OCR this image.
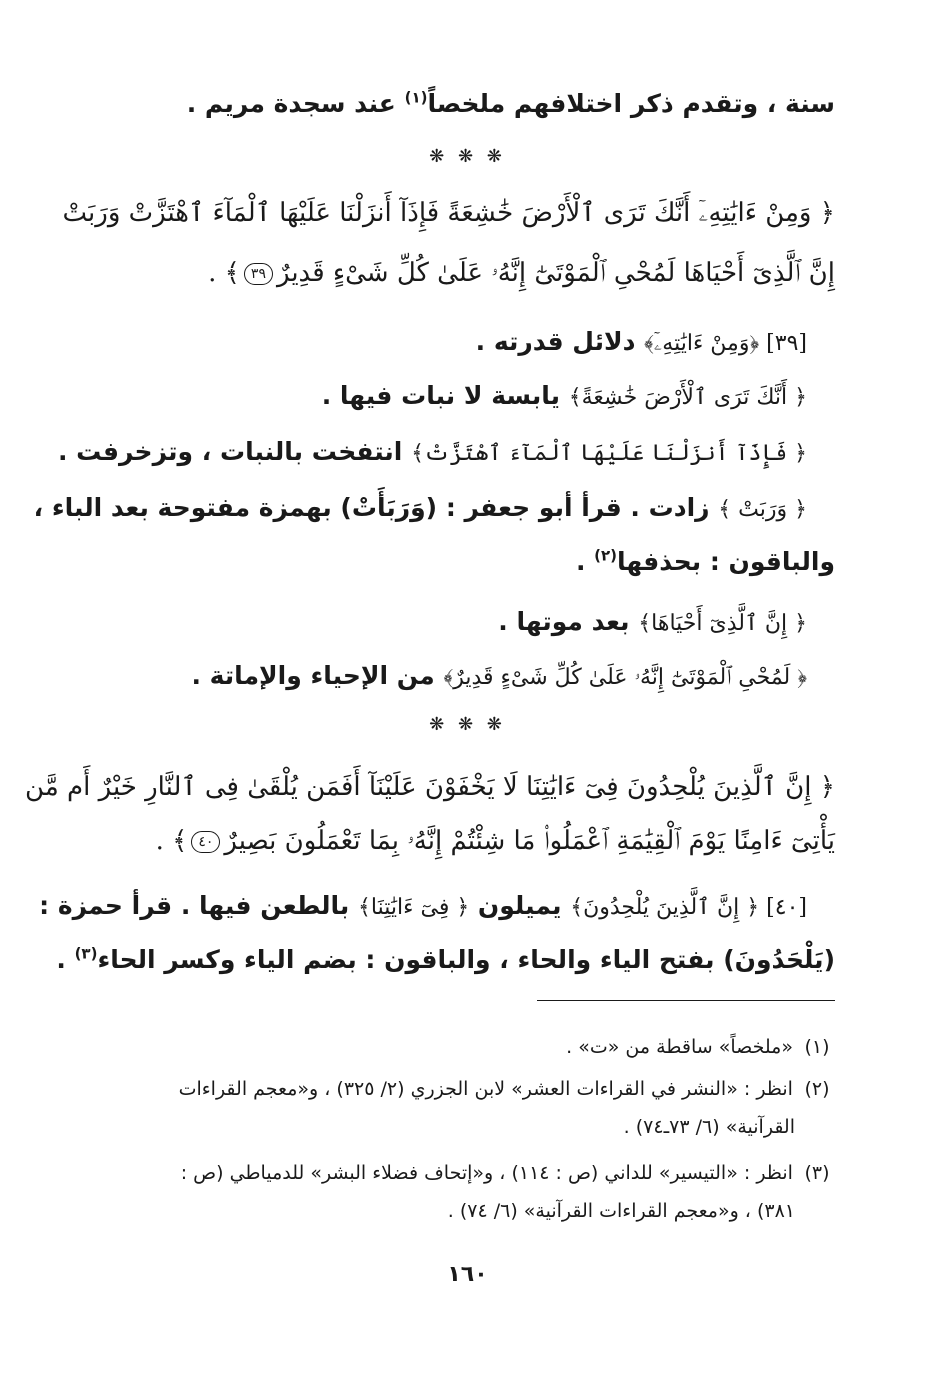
سنة ، وتقدم ذكر اختلافهم ملخصاً$^{(١)}$ عند سجدة مريم .
❋ ❋ ❋
﴿ وَمِنْ ءَايَٰتِهِۦٓ أَنَّكَ تَرَى ٱلْأَرْضَ خَٰشِعَةً فَإِذَآ أَنزَلْنَا عَلَيْهَا ٱلْمَآءَ ٱهْتَزَّتْ وَرَبَتْ
إِنَّ ٱلَّذِىٓ أَحْيَاهَا لَمُحْىِ ٱلْمَوْتَىٰٓ إِنَّهُۥ عَلَىٰ كُلِّ شَىْءٍ قَدِيرٌ٣٩﴾ .
[٣٩] ﴿وَمِنْ ءَايَٰتِهِۦٓ﴾ دلائل قدرته .
﴿ أَنَّكَ تَرَى ٱلْأَرْضَ خَٰشِعَةً﴾ يابسة لا نبات فيها .
﴿ فَإِذَآ أَنزَلْنَا عَلَيْهَا ٱلْمَآءَ ٱهْتَزَّتْ﴾ انتفخت بالنبات ، وتزخرفت .
﴿ وَرَبَتْ ﴾ زادت . قرأ أبو جعفر : (وَرَبَأَتْ) بهمزة مفتوحة بعد الباء ،
والباقون : بحذفها$^{(٢)}$ .
﴿ إِنَّ ٱلَّذِىٓ أَحْيَاهَا﴾ بعد موتها .
﴿ لَمُحْىِ ٱلْمَوْتَىٰٓ إِنَّهُۥ عَلَىٰ كُلِّ شَىْءٍ قَدِيرٌ﴾ من الإحياء والإماتة .
❋ ❋ ❋
﴿ إِنَّ ٱلَّذِينَ يُلْحِدُونَ فِىٓ ءَايَٰتِنَا لَا يَخْفَوْنَ عَلَيْنَآ أَفَمَن يُلْقَىٰ فِى ٱلنَّارِ خَيْرٌ أَم مَّن
يَأْتِىٓ ءَامِنًا يَوْمَ ٱلْقِيَٰمَةِ ٱعْمَلُوا۟ مَا شِئْتُمْ إِنَّهُۥ بِمَا تَعْمَلُونَ بَصِيرٌ٤٠﴾ .
[٤٠] ﴿ إِنَّ ٱلَّذِينَ يُلْحِدُونَ﴾ يميلون ﴿ فِىٓ ءَايَٰتِنَا﴾ بالطعن فيها . قرأ حمزة :
(يَلْحَدُونَ) بفتح الياء والحاء ، والباقون : بضم الياء وكسر الحاء$^{(٣)}$ .
(١) «ملخصاً» ساقطة من «ت» .
(٢) انظر : «النشر في القراءات العشر» لابن الجزري (٢/ ٣٢٥) ، و«معجم القراءات
القرآنية» (٦/ ٧٣ـ٧٤) .
(٣) انظر : «التيسير» للداني (ص : ١١٤) ، و«إتحاف فضلاء البشر» للدمياطي (ص :
٣٨١) ، و«معجم القراءات القرآنية» (٦/ ٧٤) .
١٦٠
